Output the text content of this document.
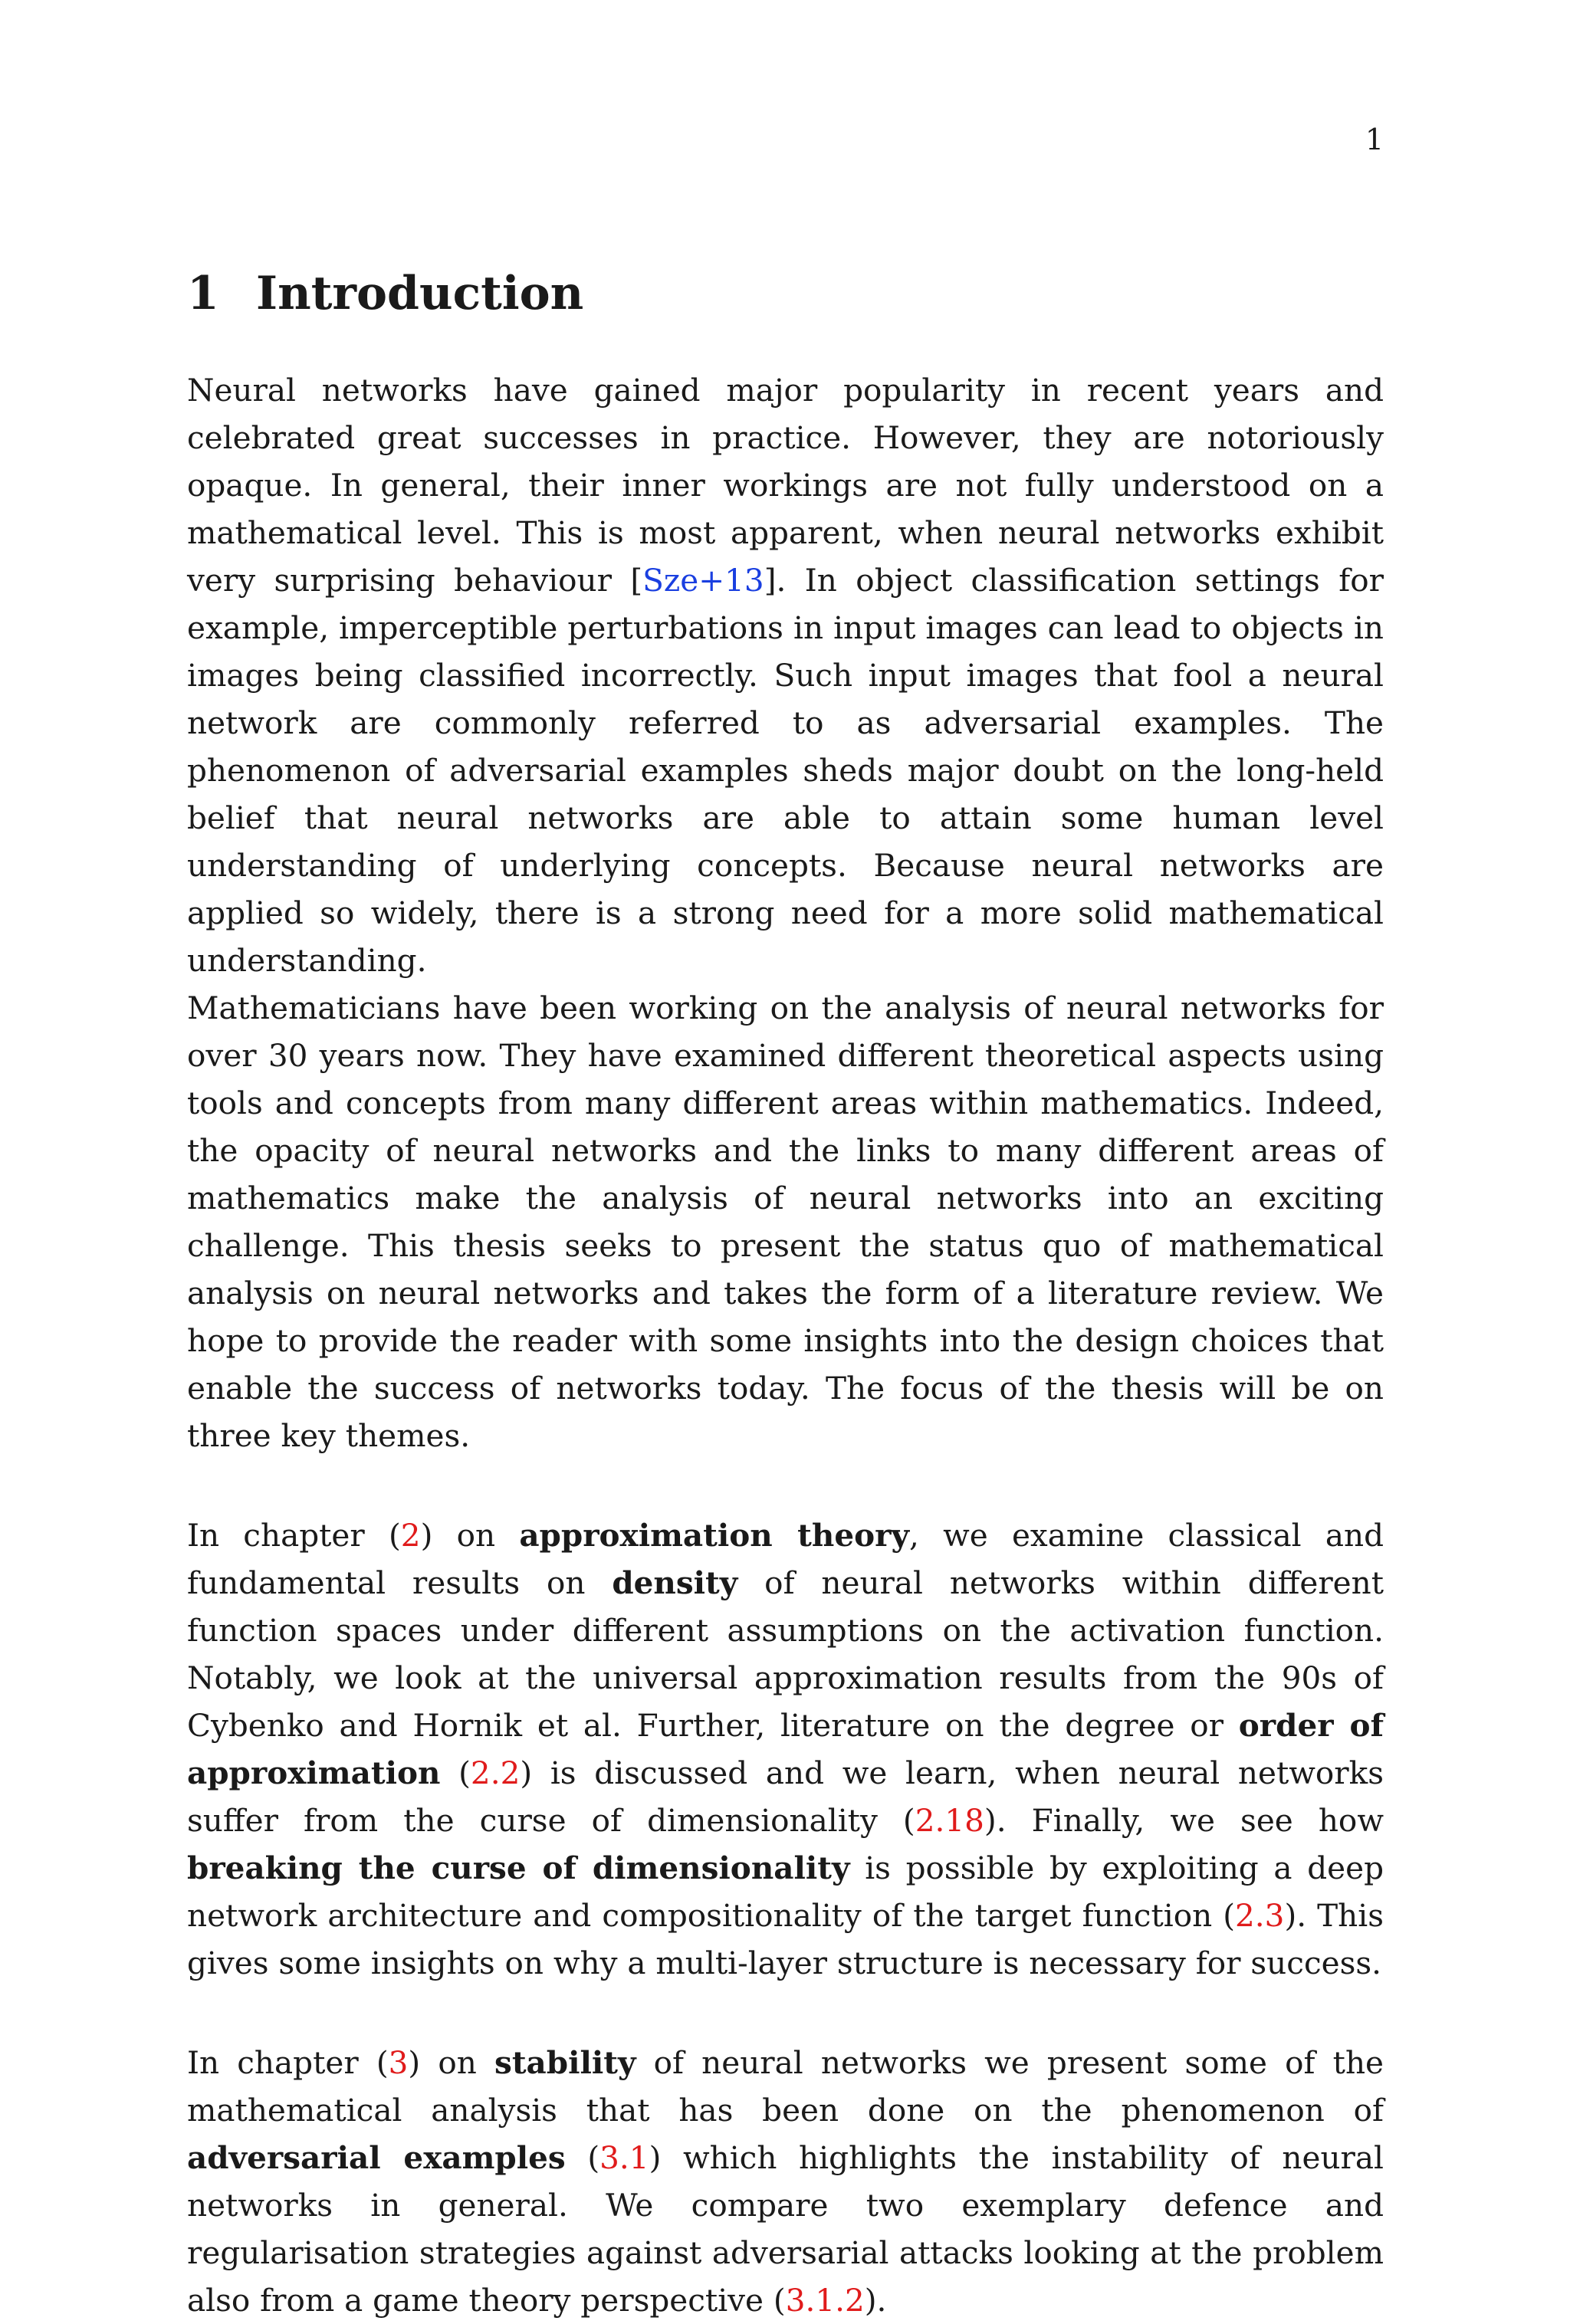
1
1 Introduction

Neural networks have gained major popularity in recent years and celebrated great successes in practice. However, they are notoriously opaque. In general, their inner workings are not fully understood on a mathematical level. This is most apparent, when neural networks exhibit very surprising behaviour [Sze+13]. In object classification settings for example, imperceptible perturbations in input images can lead to objects in images being classified incorrectly. Such input images that fool a neural network are commonly referred to as adversarial examples. The phenomenon of adversarial examples sheds major doubt on the long-held belief that neural networks are able to attain some human level understanding of underlying concepts. Because neural networks are applied so widely, there is a strong need for a more solid mathematical understanding.

Mathematicians have been working on the analysis of neural networks for over 30 years now. They have examined different theoretical aspects using tools and concepts from many different areas within mathematics. Indeed, the opacity of neural networks and the links to many different areas of mathematics make the analysis of neural networks into an exciting challenge. This thesis seeks to present the status quo of mathematical analysis on neural networks and takes the form of a literature review. We hope to provide the reader with some insights into the design choices that enable the success of networks today. The focus of the thesis will be on three key themes.

In chapter (2) on approximation theory, we examine classical and fundamental results on density of neural networks within different function spaces under different assumptions on the activation function. Notably, we look at the universal approximation results from the 90s of Cybenko and Hornik et al. Further, literature on the degree or order of approximation (2.2) is discussed and we learn, when neural networks suffer from the curse of dimensionality (2.18). Finally, we see how breaking the curse of dimensionality is possible by exploiting a deep network architecture and compositionality of the target function (2.3). This gives some insights on why a multi-layer structure is necessary for success.

In chapter (3) on stability of neural networks we present some of the mathematical analysis that has been done on the phenomenon of adversarial examples (3.1) which highlights the instability of neural networks in general. We compare two exemplary defence and regularisation strategies against adversarial attacks looking at the problem also from a game theory perspective (3.1.2).
